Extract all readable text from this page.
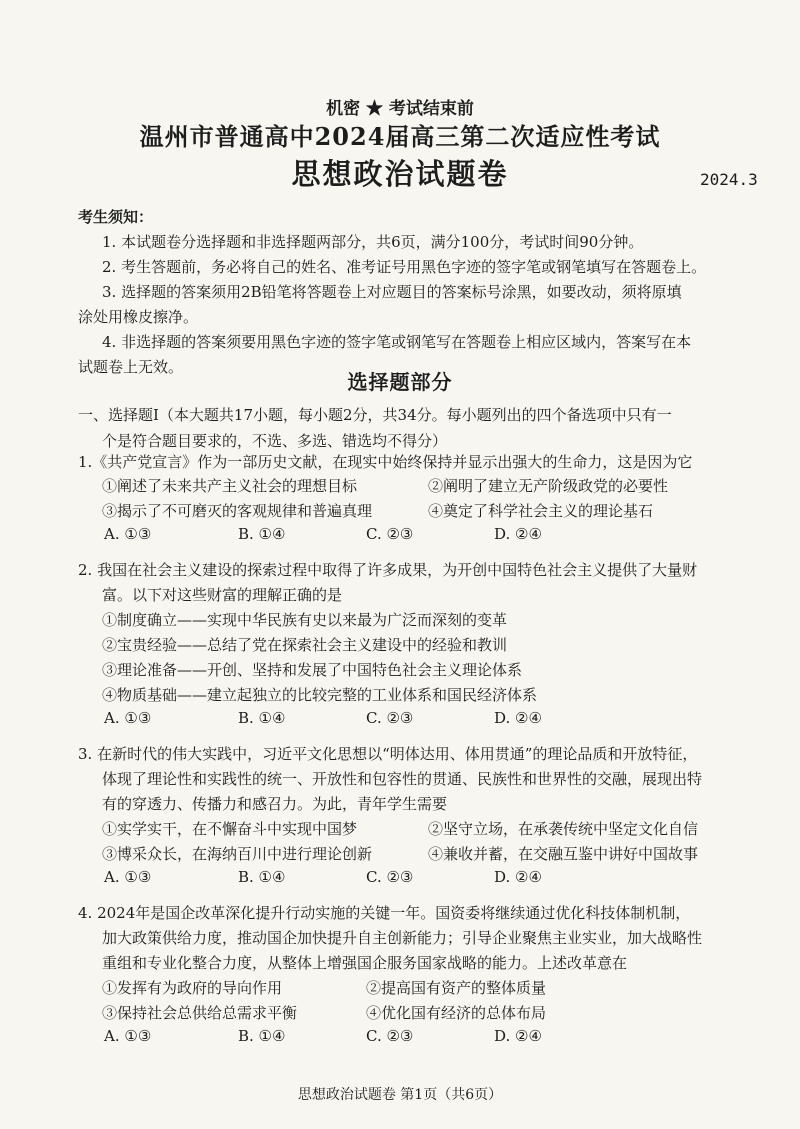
机密 ★ 考试结束前
温州市普通高中2024届高三第二次适应性考试
思想政治试题卷	2024.3
考生须知：
1. 本试题卷分选择题和非选择题两部分，共6页，满分100分，考试时间90分钟。
2. 考生答题前，务必将自己的姓名、准考证号用黑色字迹的签字笔或钢笔填写在答题卷上。
3. 选择题的答案须用2B铅笔将答题卷上对应题目的答案标号涂黑，如要改动，须将原填
涂处用橡皮擦净。
4. 非选择题的答案须要用黑色字迹的签字笔或钢笔写在答题卷上相应区域内，答案写在本
试题卷上无效。
选择题部分
一、选择题Ⅰ（本大题共17小题，每小题2分，共34分。每小题列出的四个备选项中只有一
个是符合题目要求的，不选、多选、错选均不得分）
1.《共产党宣言》作为一部历史文献，在现实中始终保持并显示出强大的生命力，这是因为它
①阐述了未来共产主义社会的理想目标	②阐明了建立无产阶级政党的必要性
③揭示了不可磨灭的客观规律和普遍真理	④奠定了科学社会主义的理论基石
A. ①③	B. ①④	C. ②③	D. ②④
2. 我国在社会主义建设的探索过程中取得了许多成果，为开创中国特色社会主义提供了大量财
富。以下对这些财富的理解正确的是
①制度确立——实现中华民族有史以来最为广泛而深刻的变革
②宝贵经验——总结了党在探索社会主义建设中的经验和教训
③理论准备——开创、坚持和发展了中国特色社会主义理论体系
④物质基础——建立起独立的比较完整的工业体系和国民经济体系
A. ①③	B. ①④	C. ②③	D. ②④
3. 在新时代的伟大实践中，习近平文化思想以“明体达用、体用贯通”的理论品质和开放特征，
体现了理论性和实践性的统一、开放性和包容性的贯通、民族性和世界性的交融，展现出特
有的穿透力、传播力和感召力。为此，青年学生需要
①实学实干，在不懈奋斗中实现中国梦	②坚守立场，在承袭传统中坚定文化自信
③博采众长，在海纳百川中进行理论创新	④兼收并蓄，在交融互鉴中讲好中国故事
A. ①③	B. ①④	C. ②③	D. ②④
4. 2024年是国企改革深化提升行动实施的关键一年。国资委将继续通过优化科技体制机制，
加大政策供给力度，推动国企加快提升自主创新能力；引导企业聚焦主业实业，加大战略性
重组和专业化整合力度，从整体上增强国企服务国家战略的能力。上述改革意在
①发挥有为政府的导向作用	②提高国有资产的整体质量
③保持社会总供给总需求平衡	④优化国有经济的总体布局
A. ①③	B. ①④	C. ②③	D. ②④
思想政治试题卷 第1页（共6页）
